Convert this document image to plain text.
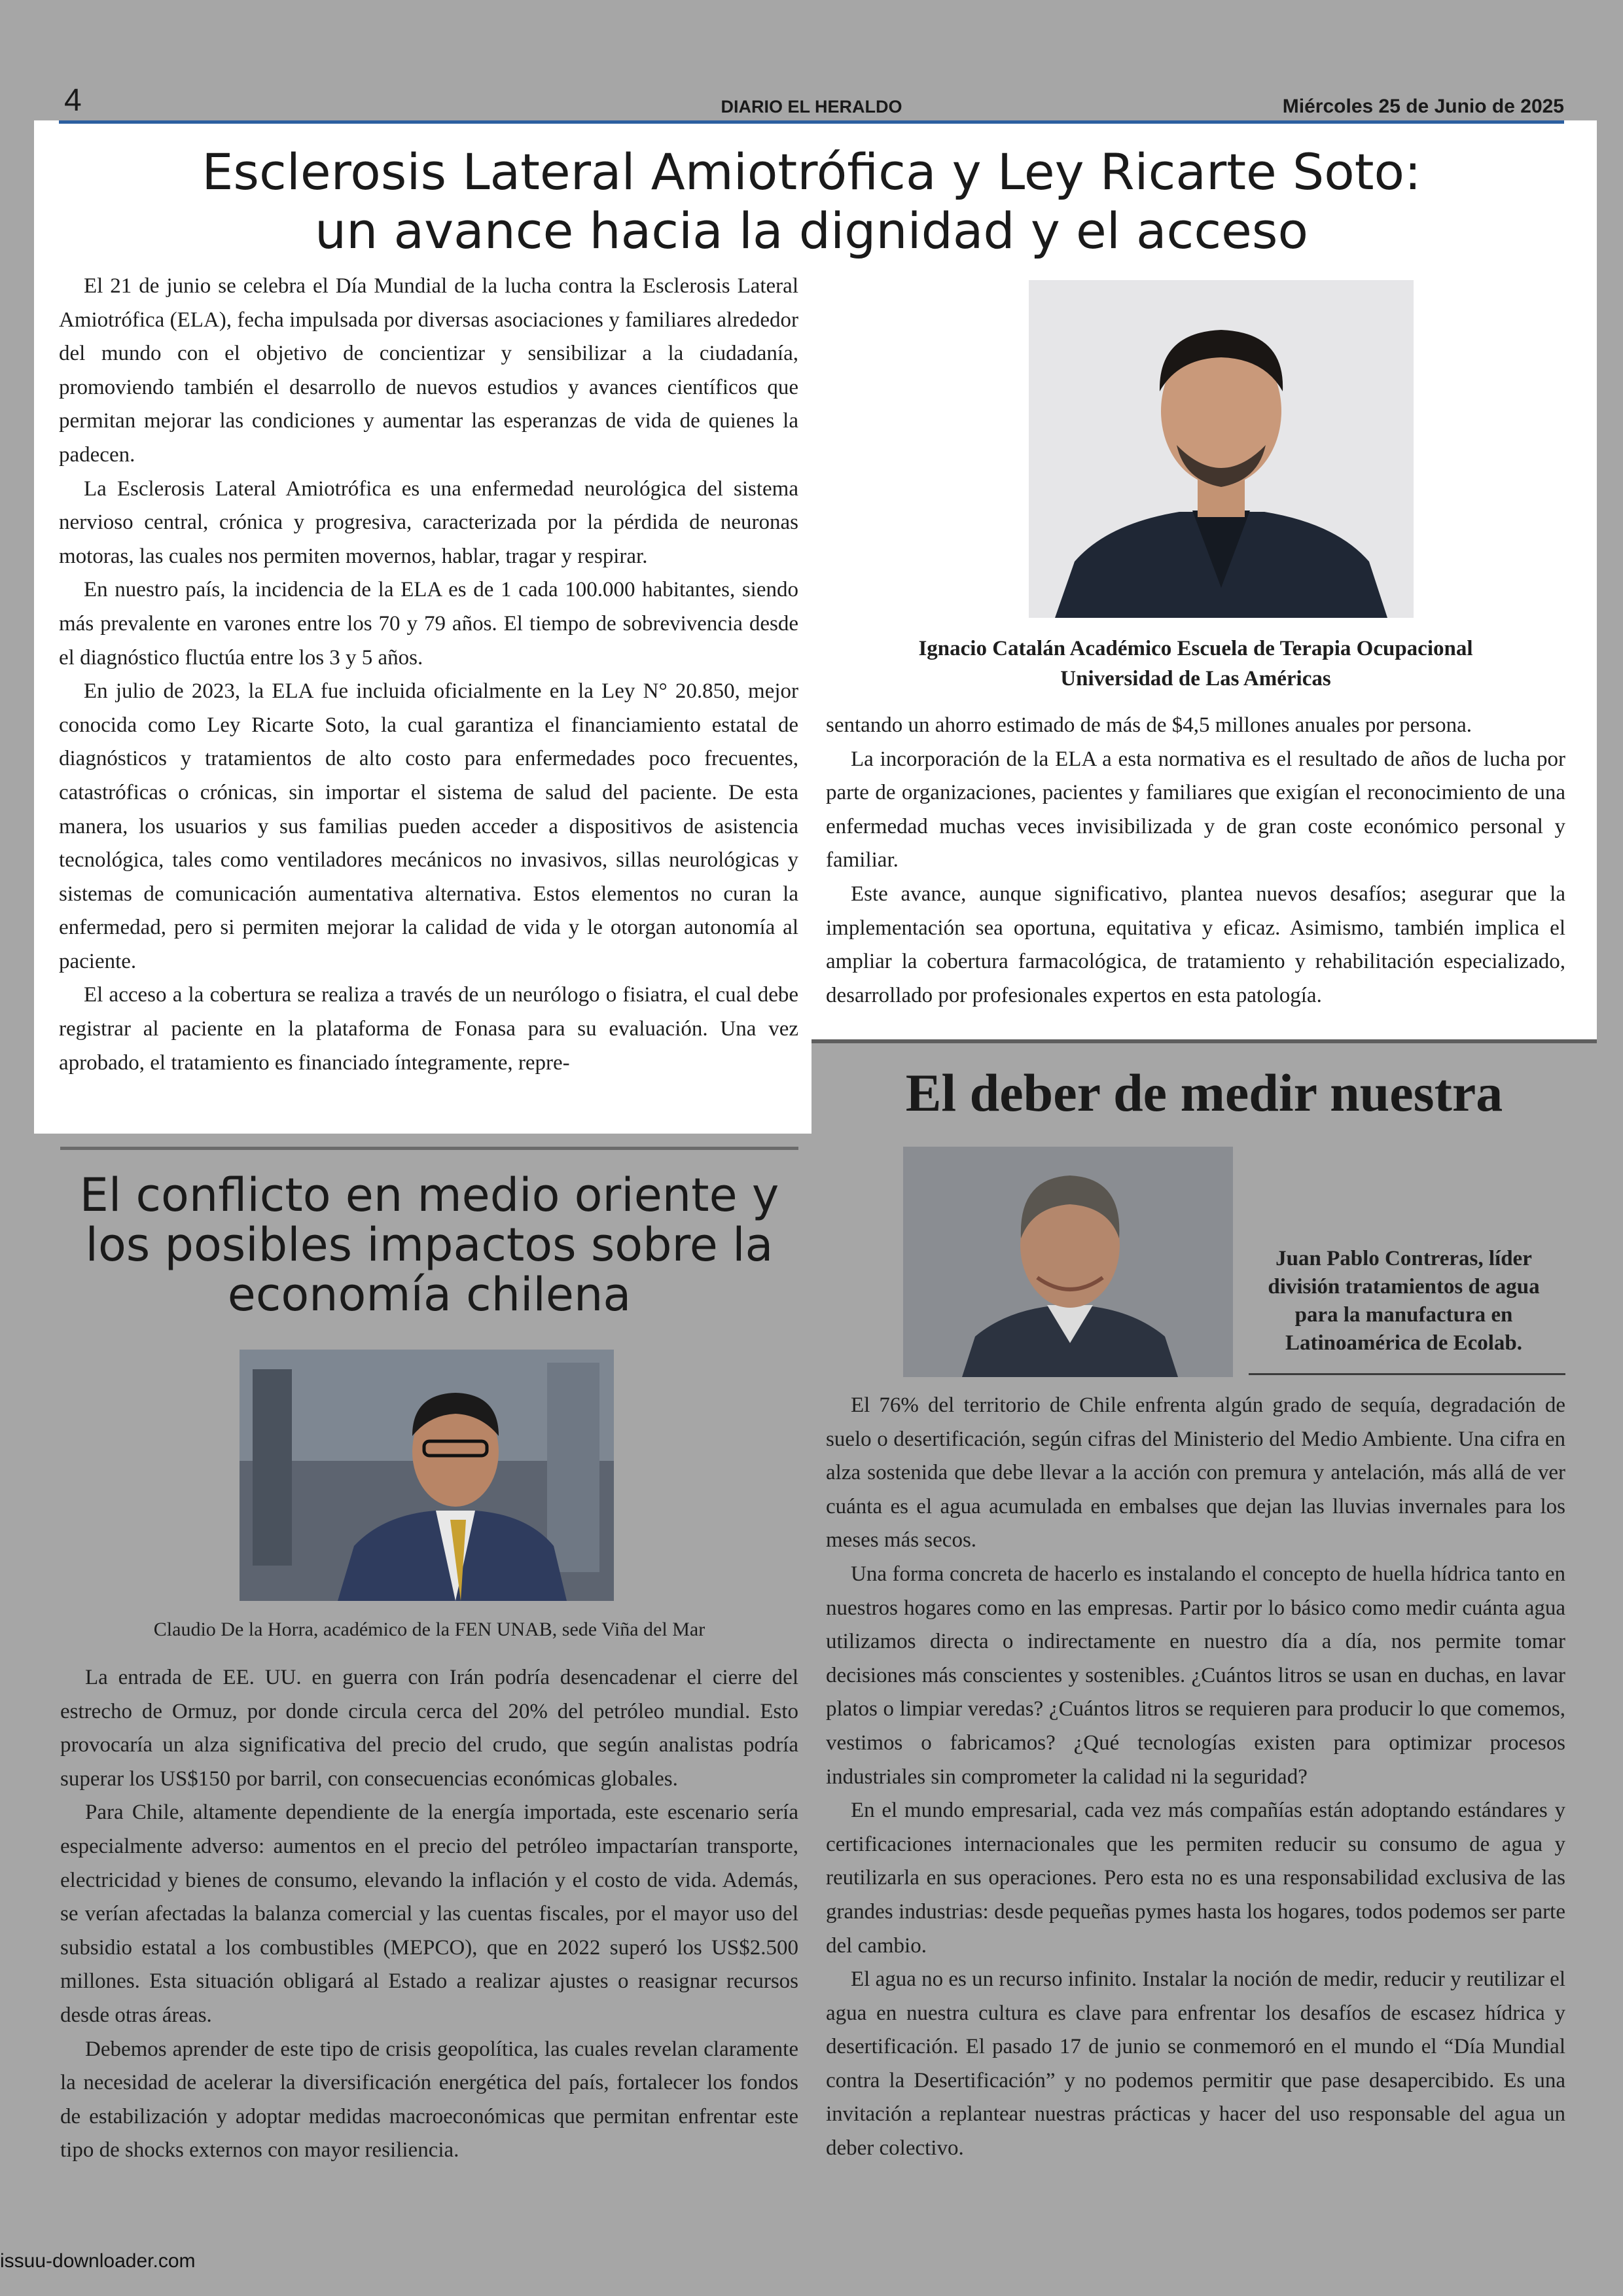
4	DIARIO EL HERALDO	Miércoles 25 de Junio de 2025
Esclerosis Lateral Amiotrófica y Ley Ricarte Soto:
un avance hacia la dignidad y el acceso

El 21 de junio se celebra el Día Mundial de la lucha contra la Esclerosis Lateral Amiotrófica (ELA), fecha impulsada por diversas asociaciones y familiares alrededor del mundo con el objetivo de concientizar y sensibilizar a la ciudadanía, promoviendo también el desarrollo de nuevos estudios y avances científicos que permitan mejorar las condiciones y aumentar las esperanzas de vida de quienes la padecen.

La Esclerosis Lateral Amiotrófica es una enfermedad neurológica del sistema nervioso central, crónica y progresiva, caracterizada por la pérdida de neuronas motoras, las cuales nos permiten movernos, hablar, tragar y respirar.

En nuestro país, la incidencia de la ELA es de 1 cada 100.000 habitantes, siendo más prevalente en varones entre los 70 y 79 años. El tiempo de sobrevivencia desde el diagnóstico fluctúa entre los 3 y 5 años.

En julio de 2023, la ELA fue incluida oficialmente en la Ley N° 20.850, mejor conocida como Ley Ricarte Soto, la cual garantiza el financiamiento estatal de diagnósticos y tratamientos de alto costo para enfermedades poco frecuentes, catastróficas o crónicas, sin importar el sistema de salud del paciente. De esta manera, los usuarios y sus familias pueden acceder a dispositivos de asistencia tecnológica, tales como ventiladores mecánicos no invasivos, sillas neurológicas y sistemas de comunicación aumentativa alternativa. Estos elementos no curan la enfermedad, pero si permiten mejorar la calidad de vida y le otorgan autonomía al paciente.

El acceso a la cobertura se realiza a través de un neurólogo o fisiatra, el cual debe registrar al paciente en la plataforma de Fonasa para su evaluación. Una vez aprobado, el tratamiento es financiado íntegramente, repre-

Ignacio Catalán Académico Escuela de Terapia Ocupacional
Universidad de Las Américas

sentando un ahorro estimado de más de $4,5 millones anuales por persona.

La incorporación de la ELA a esta normativa es el resultado de años de lucha por parte de organizaciones, pacientes y familiares que exigían el reconocimiento de una enfermedad muchas veces invisibilizada y de gran coste económico personal y familiar.

Este avance, aunque significativo, plantea nuevos desafíos; asegurar que la implementación sea oportuna, equitativa y eficaz. Asimismo, también implica el ampliar la cobertura farmacológica, de tratamiento y rehabilitación especializado, desarrollado por profesionales expertos en esta patología.

El conflicto en medio oriente y
los posibles impactos sobre la
economía chilena
Claudio De la Horra, académico de la FEN UNAB, sede Viña del Mar

La entrada de EE. UU. en guerra con Irán podría desencadenar el cierre del estrecho de Ormuz, por donde circula cerca del 20% del petróleo mundial. Esto provocaría un alza significativa del precio del crudo, que según analistas podría superar los US$150 por barril, con consecuencias económicas globales.

Para Chile, altamente dependiente de la energía importada, este escenario sería especialmente adverso: aumentos en el precio del petróleo impactarían transporte, electricidad y bienes de consumo, elevando la inflación y el costo de vida. Además, se verían afectadas la balanza comercial y las cuentas fiscales, por el mayor uso del subsidio estatal a los combustibles (MEPCO), que en 2022 superó los US$2.500 millones. Esta situación obligará al Estado a realizar ajustes o reasignar recursos desde otras áreas.

Debemos aprender de este tipo de crisis geopolítica, las cuales revelan claramente la necesidad de acelerar la diversificación energética del país, fortalecer los fondos de estabilización y adoptar medidas macroeconómicas que permitan enfrentar este tipo de shocks externos con mayor resiliencia.

El deber de medir nuestra
Juan Pablo Contreras, líder
división tratamientos de agua
para la manufactura en
Latinoamérica de Ecolab.

El 76% del territorio de Chile enfrenta algún grado de sequía, degradación de suelo o desertificación, según cifras del Ministerio del Medio Ambiente. Una cifra en alza sostenida que debe llevar a la acción con premura y antelación, más allá de ver cuánta es el agua acumulada en embalses que dejan las lluvias invernales para los meses más secos.

Una forma concreta de hacerlo es instalando el concepto de huella hídrica tanto en nuestros hogares como en las empresas. Partir por lo básico como medir cuánta agua utilizamos directa o indirectamente en nuestro día a día, nos permite tomar decisiones más conscientes y sostenibles. ¿Cuántos litros se usan en duchas, en lavar platos o limpiar veredas? ¿Cuántos litros se requieren para producir lo que comemos, vestimos o fabricamos? ¿Qué tecnologías existen para optimizar procesos industriales sin comprometer la calidad ni la seguridad?

En el mundo empresarial, cada vez más compañías están adoptando estándares y certificaciones internacionales que les permiten reducir su consumo de agua y reutilizarla en sus operaciones. Pero esta no es una responsabilidad exclusiva de las grandes industrias: desde pequeñas pymes hasta los hogares, todos podemos ser parte del cambio.

El agua no es un recurso infinito. Instalar la noción de medir, reducir y reutilizar el agua en nuestra cultura es clave para enfrentar los desafíos de escasez hídrica y desertificación. El pasado 17 de junio se conmemoró en el mundo el “Día Mundial contra la Desertificación” y no podemos permitir que pase desapercibido. Es una invitación a replantear nuestras prácticas y hacer del uso responsable del agua un deber colectivo.

issuu-downloader.com
